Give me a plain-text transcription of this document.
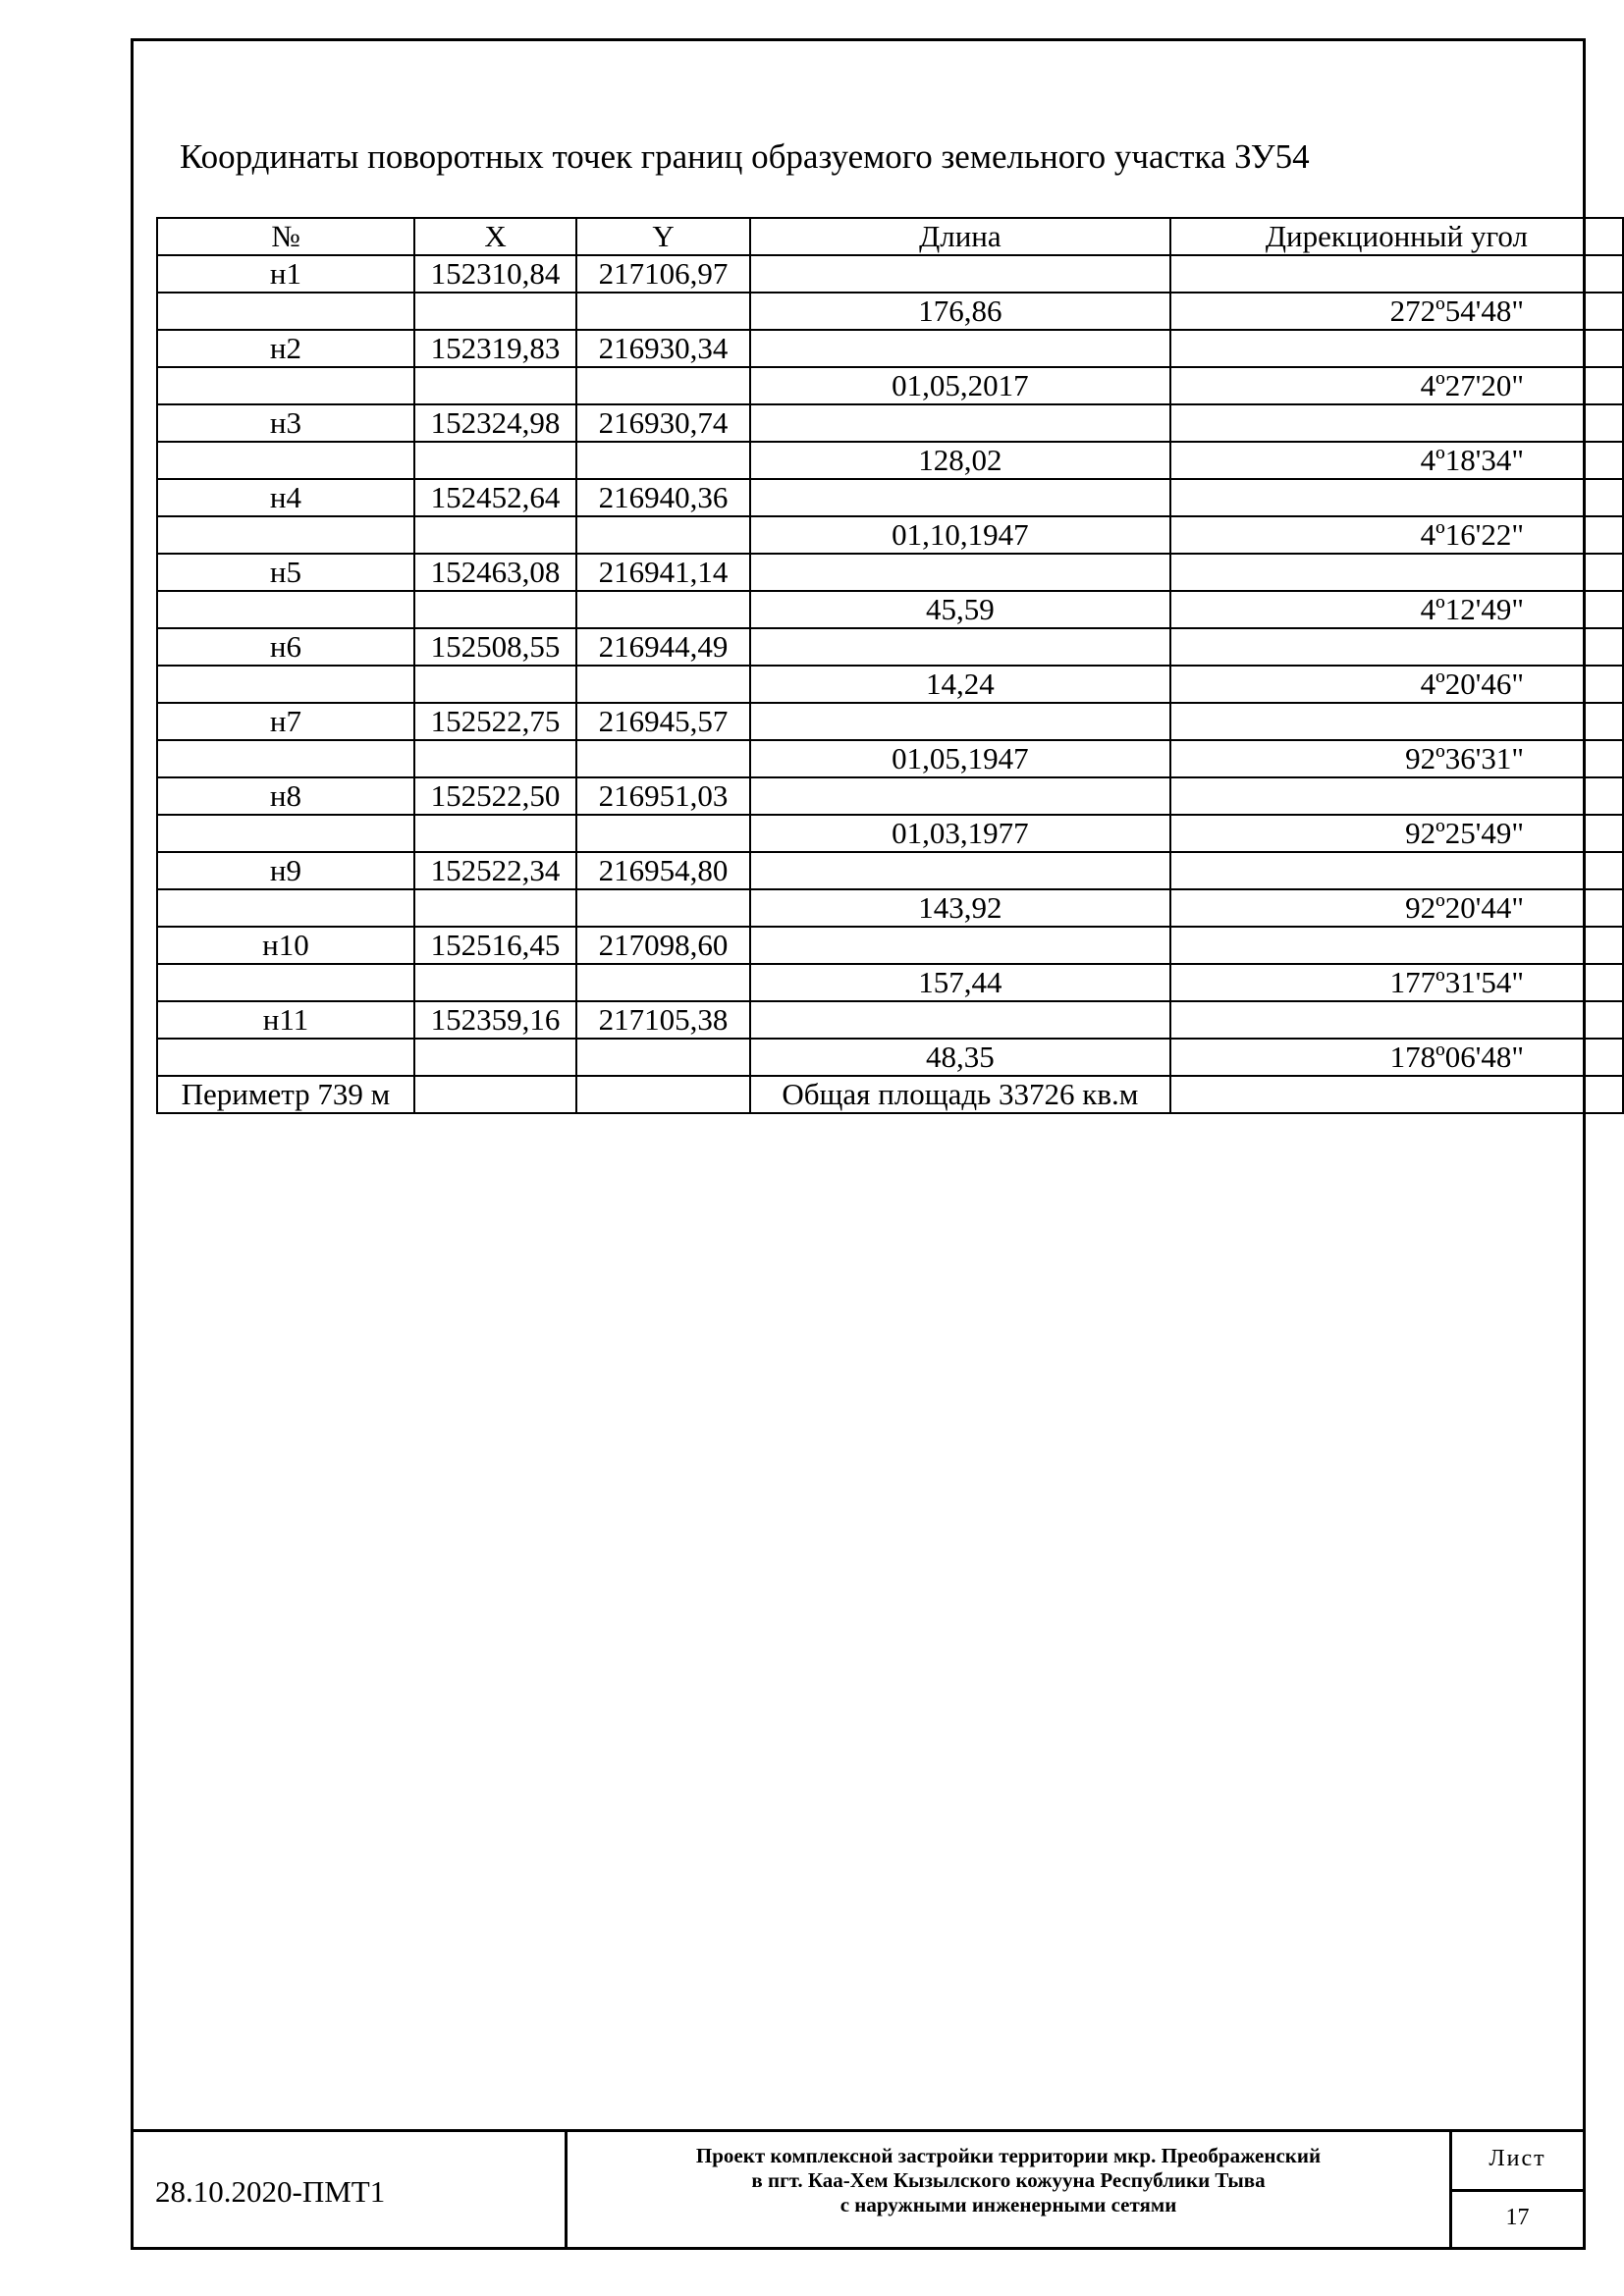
Координаты поворотных точек границ образуемого земельного участка ЗУ54
№	X	Y	Длина	Дирекционный угол
н1	152310,84	217106,97		
			176,86	272º54'48"
н2	152319,83	216930,34		
			01,05,2017	4º27'20"
н3	152324,98	216930,74		
			128,02	4º18'34"
н4	152452,64	216940,36		
			01,10,1947	4º16'22"
н5	152463,08	216941,14		
			45,59	4º12'49"
н6	152508,55	216944,49		
			14,24	4º20'46"
н7	152522,75	216945,57		
			01,05,1947	92º36'31"
н8	152522,50	216951,03		
			01,03,1977	92º25'49"
н9	152522,34	216954,80		
			143,92	92º20'44"
н10	152516,45	217098,60		
			157,44	177º31'54"
н11	152359,16	217105,38		
			48,35	178º06'48"
Периметр 739 м			Общая площадь 33726 кв.м	
28.10.2020-ПМТ1
Проект комплексной застройки территории мкр. Преображенский
в пгт. Каа-Хем Кызылского кожууна Республики Тыва
с наружными инженерными сетями
Лист
17
